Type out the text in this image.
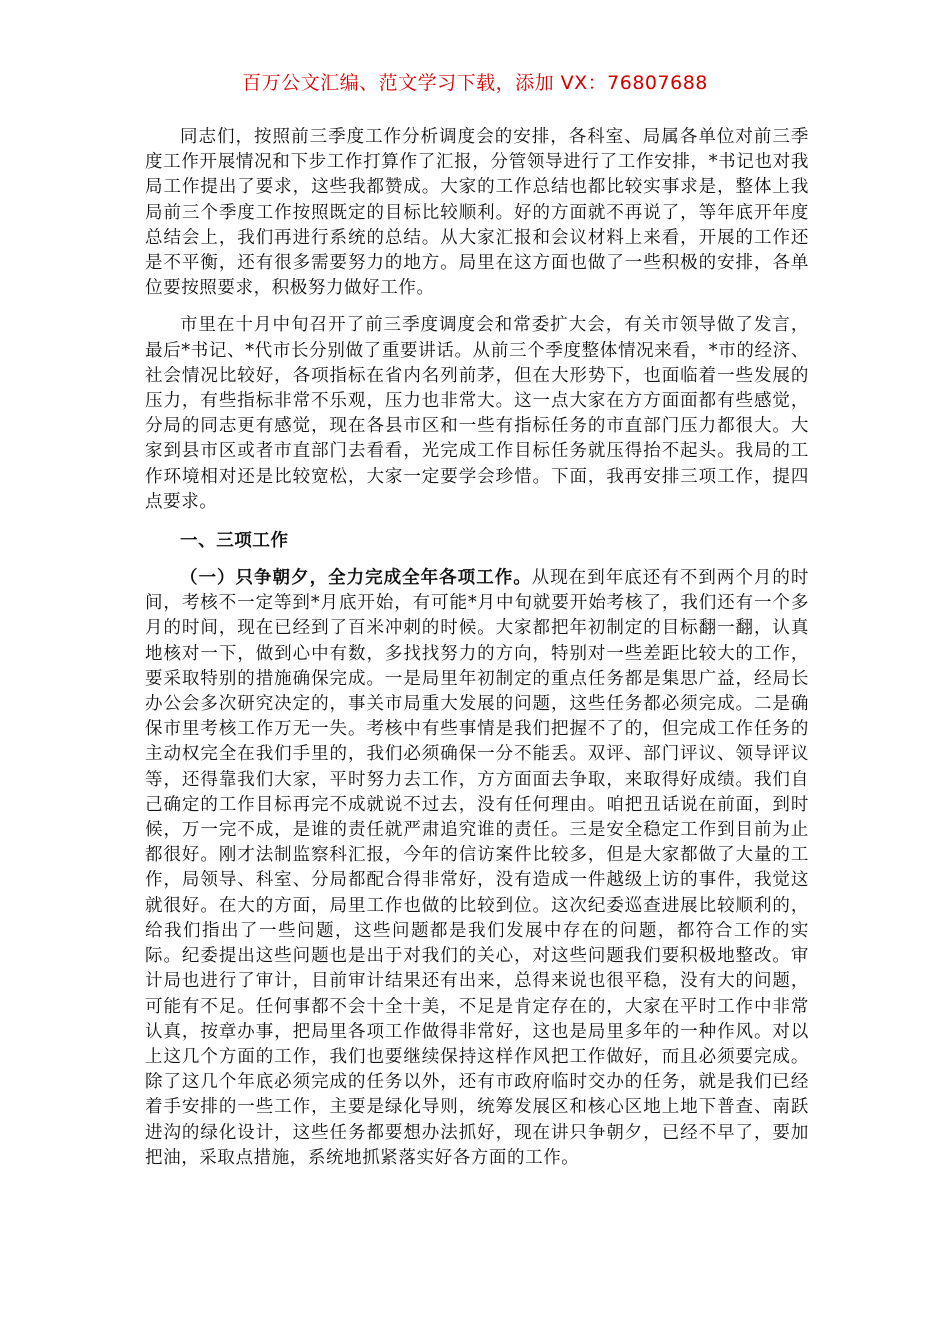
百万公文汇编、范文学习下载，添加 VX：76807688

同志们，按照前三季度工作分析调度会的安排，各科室、局属各单位对前三季度工作开展情况和下步工作打算作了汇报，分管领导进行了工作安排，*书记也对我局工作提出了要求，这些我都赞成。大家的工作总结也都比较实事求是，整体上我局前三个季度工作按照既定的目标比较顺利。好的方面就不再说了，等年底开年度总结会上，我们再进行系统的总结。从大家汇报和会议材料上来看，开展的工作还是不平衡，还有很多需要努力的地方。局里在这方面也做了一些积极的安排，各单位要按照要求，积极努力做好工作。

市里在十月中旬召开了前三季度调度会和常委扩大会，有关市领导做了发言，最后*书记、*代市长分别做了重要讲话。从前三个季度整体情况来看，*市的经济、社会情况比较好，各项指标在省内名列前茅，但在大形势下，也面临着一些发展的压力，有些指标非常不乐观，压力也非常大。这一点大家在方方面面都有些感觉，分局的同志更有感觉，现在各县市区和一些有指标任务的市直部门压力都很大。大家到县市区或者市直部门去看看，光完成工作目标任务就压得抬不起头。我局的工作环境相对还是比较宽松，大家一定要学会珍惜。下面，我再安排三项工作，提四点要求。

一、三项工作

（一）只争朝夕，全力完成全年各项工作。从现在到年底还有不到两个月的时间，考核不一定等到*月底开始，有可能*月中旬就要开始考核了，我们还有一个多月的时间，现在已经到了百米冲刺的时候。大家都把年初制定的目标翻一翻，认真地核对一下，做到心中有数，多找找努力的方向，特别对一些差距比较大的工作，要采取特别的措施确保完成。一是局里年初制定的重点任务都是集思广益，经局长办公会多次研究决定的，事关市局重大发展的问题，这些任务都必须完成。二是确保市里考核工作万无一失。考核中有些事情是我们把握不了的，但完成工作任务的主动权完全在我们手里的，我们必须确保一分不能丢。双评、部门评议、领导评议等，还得靠我们大家，平时努力去工作，方方面面去争取，来取得好成绩。我们自己确定的工作目标再完不成就说不过去，没有任何理由。咱把丑话说在前面，到时候，万一完不成，是谁的责任就严肃追究谁的责任。三是安全稳定工作到目前为止都很好。刚才法制监察科汇报，今年的信访案件比较多，但是大家都做了大量的工作，局领导、科室、分局都配合得非常好，没有造成一件越级上访的事件，我觉这就很好。在大的方面，局里工作也做的比较到位。这次纪委巡查进展比较顺利的，给我们指出了一些问题，这些问题都是我们发展中存在的问题，都符合工作的实际。纪委提出这些问题也是出于对我们的关心，对这些问题我们要积极地整改。审计局也进行了审计，目前审计结果还有出来，总得来说也很平稳，没有大的问题，可能有不足。任何事都不会十全十美，不足是肯定存在的，大家在平时工作中非常认真，按章办事，把局里各项工作做得非常好，这也是局里多年的一种作风。对以上这几个方面的工作，我们也要继续保持这样作风把工作做好，而且必须要完成。除了这几个年底必须完成的任务以外，还有市政府临时交办的任务，就是我们已经着手安排的一些工作，主要是绿化导则，统筹发展区和核心区地上地下普查、南跃进沟的绿化设计，这些任务都要想办法抓好，现在讲只争朝夕，已经不早了，要加把油，采取点措施，系统地抓紧落实好各方面的工作。
